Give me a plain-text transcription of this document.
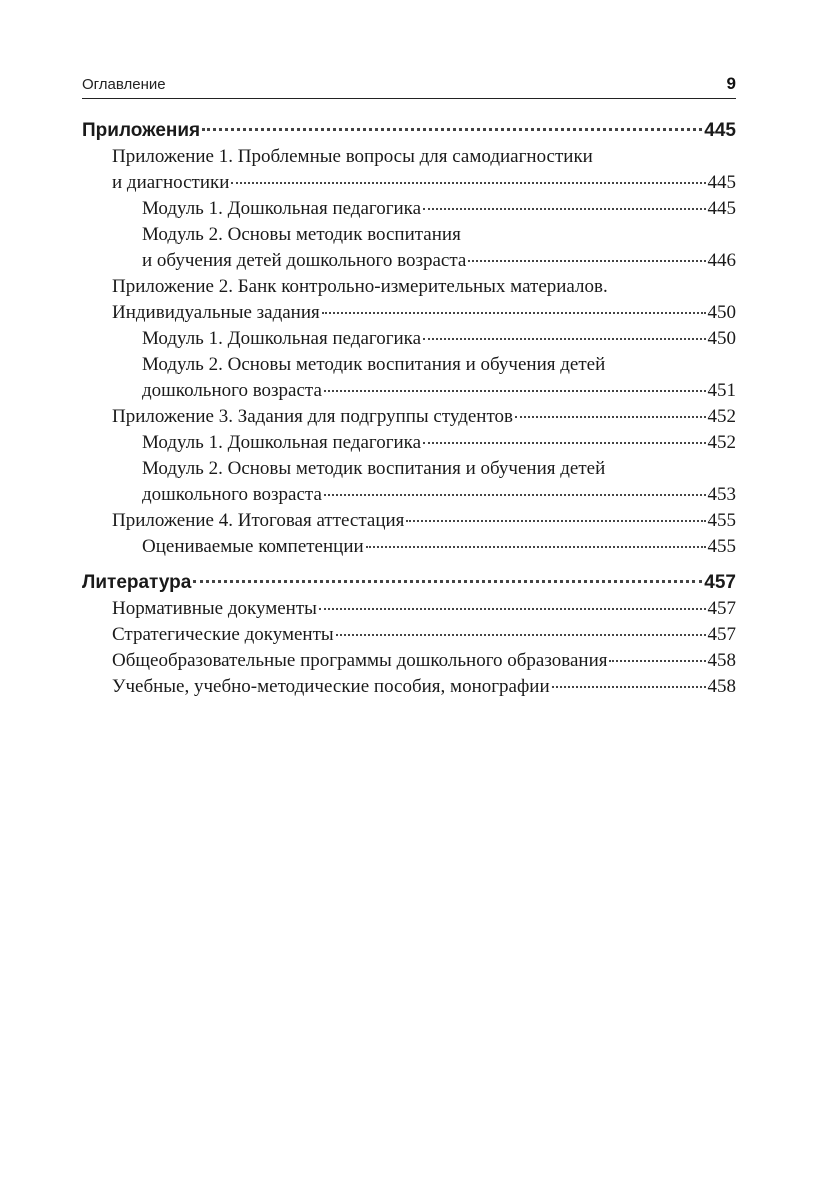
Оглавление	9
Приложения	445
Приложение 1. Проблемные вопросы для самодиагностики
и диагностики	445
Модуль 1. Дошкольная педагогика	445
Модуль 2. Основы методик воспитания
и обучения детей дошкольного возраста	446
Приложение 2. Банк контрольно-измерительных материалов.
Индивидуальные задания	450
Модуль 1. Дошкольная педагогика	450
Модуль 2. Основы методик воспитания и обучения детей
дошкольного возраста	451
Приложение 3. Задания для подгруппы студентов	452
Модуль 1. Дошкольная педагогика	452
Модуль 2. Основы методик воспитания и обучения детей
дошкольного возраста	453
Приложение 4. Итоговая аттестация	455
Оцениваемые компетенции	455
Литература	457
Нормативные документы	457
Стратегические документы	457
Общеобразовательные программы дошкольного образования	458
Учебные, учебно-методические пособия, монографии	458
